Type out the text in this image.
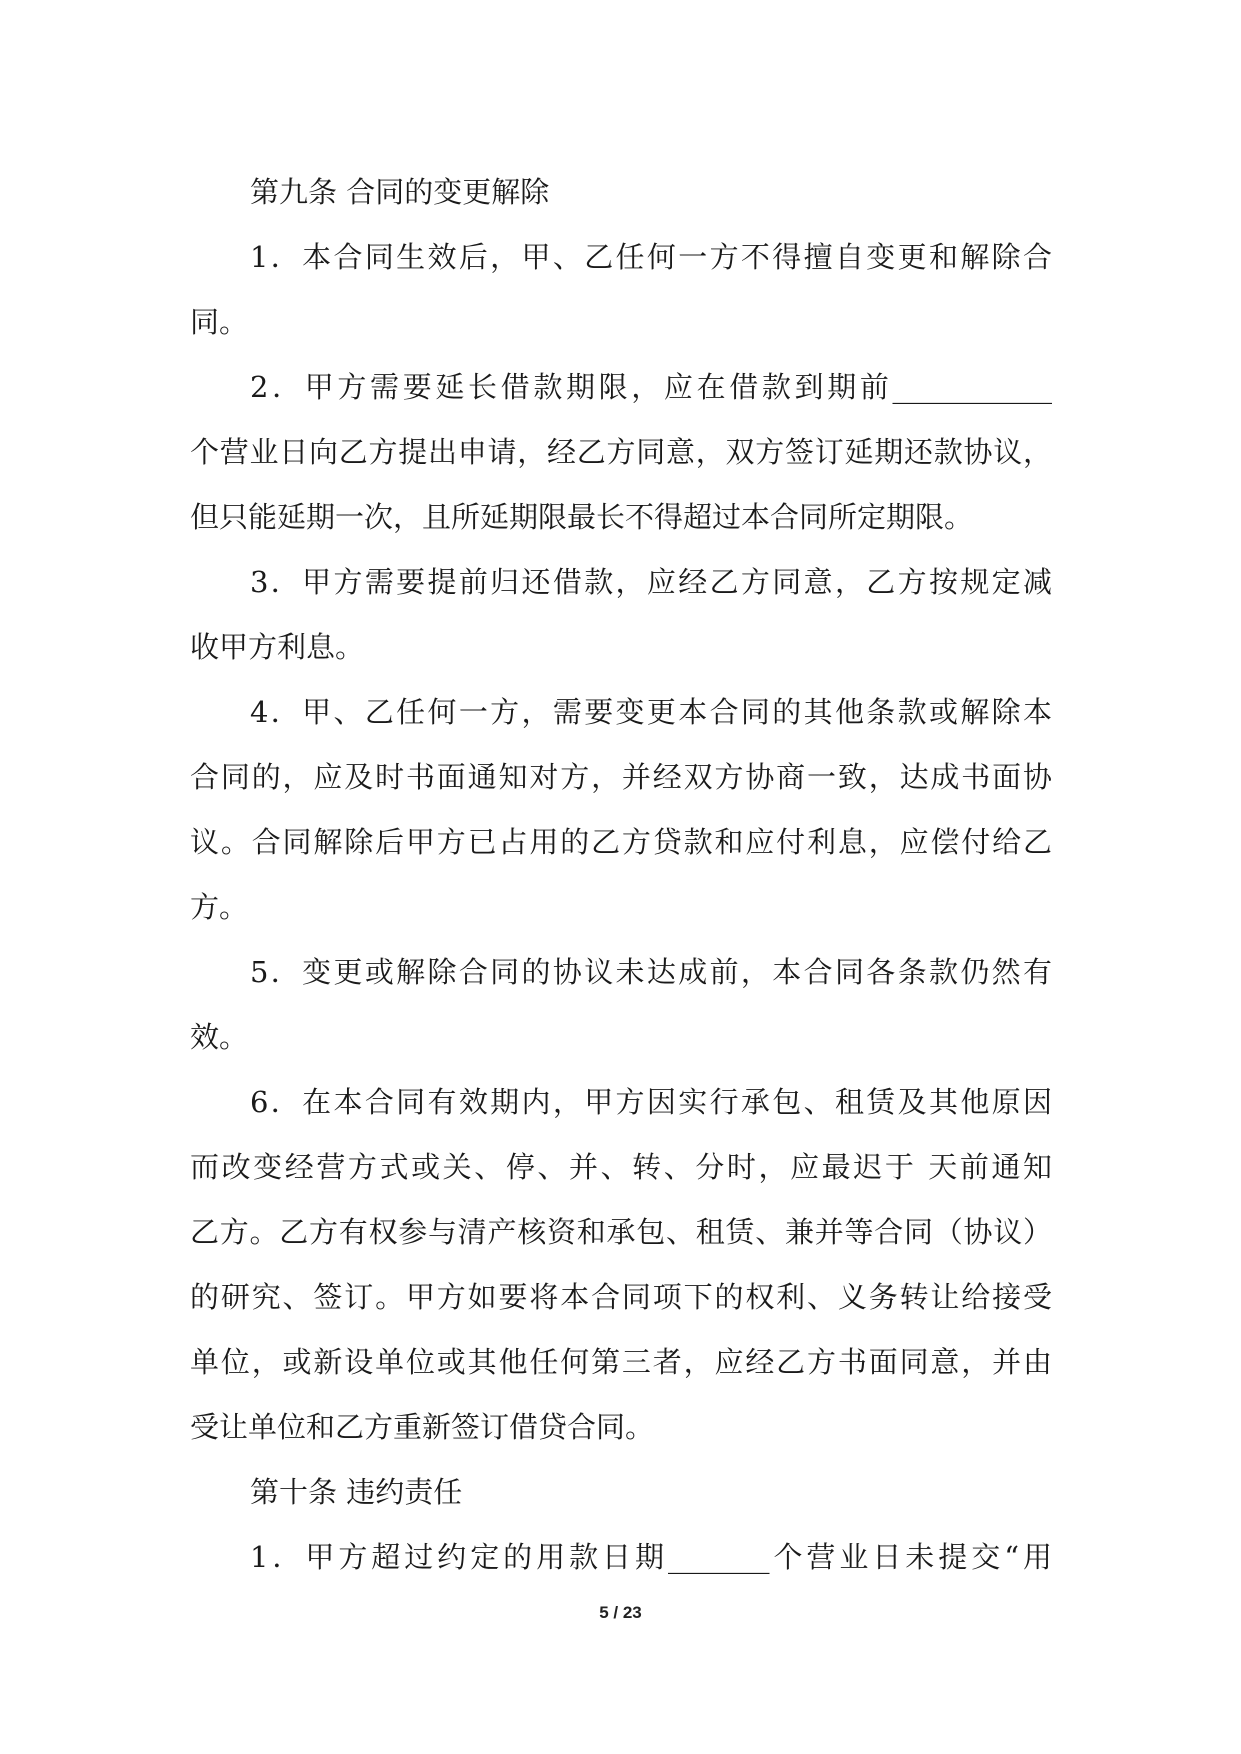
第九条 合同的变更解除
1．本合同生效后，甲、乙任何一方不得擅自变更和解除合
同。
2．甲方需要延长借款期限，应在借款到期前___________
个营业日向乙方提出申请，经乙方同意，双方签订延期还款协议，
但只能延期一次，且所延期限最长不得超过本合同所定期限。
3．甲方需要提前归还借款，应经乙方同意，乙方按规定减
收甲方利息。
4．甲、乙任何一方，需要变更本合同的其他条款或解除本
合同的，应及时书面通知对方，并经双方协商一致，达成书面协
议。合同解除后甲方已占用的乙方贷款和应付利息，应偿付给乙
方。
5．变更或解除合同的协议未达成前，本合同各条款仍然有
效。
6．在本合同有效期内，甲方因实行承包、租赁及其他原因
而改变经营方式或关、停、并、转、分时，应最迟于 天前通知
乙方。乙方有权参与清产核资和承包、租赁、兼并等合同（协议）
的研究、签订。甲方如要将本合同项下的权利、义务转让给接受
单位，或新设单位或其他任何第三者，应经乙方书面同意，并由
受让单位和乙方重新签订借贷合同。
第十条 违约责任
1．甲方超过约定的用款日期_______个营业日未提交“用
5 / 23
